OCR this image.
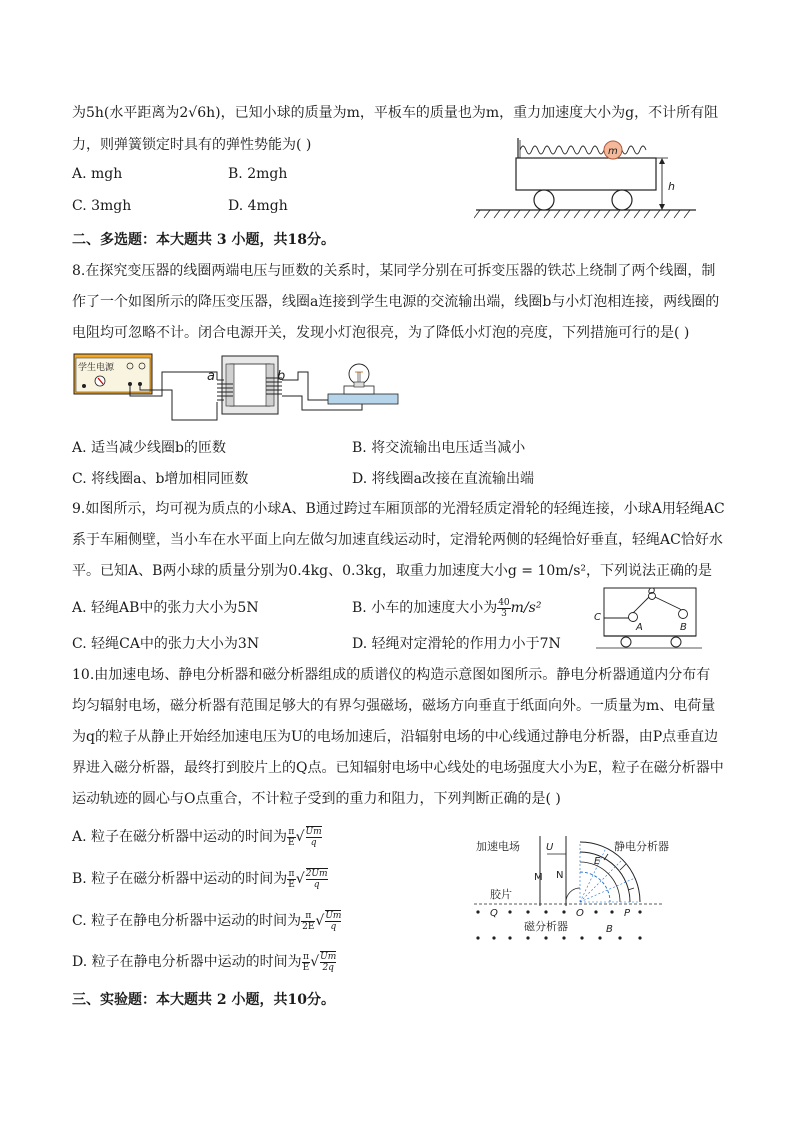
为5h(水平距离为2√6h)，已知小球的质量为m，平板车的质量也为m，重力加速度大小为g，不计所有阻
力，则弹簧锁定时具有的弹性势能为( )
A. mgh	B. 2mgh
C. 3mgh	D. 4mgh
m
h
二、多选题：本大题共 3 小题，共18分。
8.在探究变压器的线圈两端电压与匝数的关系时，某同学分别在可拆变压器的铁芯上绕制了两个线圈，制
作了一个如图所示的降压变压器，线圈a连接到学生电源的交流输出端，线圈b与小灯泡相连接，两线圈的
电阻均可忽略不计。闭合电源开关，发现小灯泡很亮，为了降低小灯泡的亮度，下列措施可行的是( )
学生电源
a	b
A. 适当减少线圈b的匝数	B. 将交流输出电压适当减小
C. 将线圈a、b增加相同匝数	D. 将线圈a改接在直流输出端
9.如图所示，均可视为质点的小球A、B通过跨过车厢顶部的光滑轻质定滑轮的轻绳连接，小球A用轻绳AC
系于车厢侧壁，当小车在水平面上向左做匀加速直线运动时，定滑轮两侧的轻绳恰好垂直，轻绳AC恰好水
平。已知A、B两小球的质量分别为0.4kg、0.3kg，取重力加速度大小g = 10m/s²，下列说法正确的是
A. 轻绳AB中的张力大小为5N	B. 小车的加速度大小为 $\frac{40}{3} m/s^2$
C. 轻绳CA中的张力大小为3N	D. 轻绳对定滑轮的作用力小于7N
C
O
A	B
10.由加速电场、静电分析器和磁分析器组成的质谱仪的构造示意图如图所示。静电分析器通道内分布有
均匀辐射电场，磁分析器有范围足够大的有界匀强磁场，磁场方向垂直于纸面向外。一质量为m、电荷量
为q的粒子从静止开始经加速电压为U的电场加速后，沿辐射电场的中心线通过静电分析器，由P点垂直边
界进入磁分析器，最终打到胶片上的Q点。已知辐射电场中心线处的电场强度大小为E，粒子在磁分析器中
运动轨迹的圆心与O点重合，不计粒子受到的重力和阻力，下列判断正确的是( )
A. 粒子在磁分析器中运动的时间为 $\frac{\pi}{E}$ √ $\frac{Um}{q}$
B. 粒子在磁分析器中运动的时间为 $\frac{\pi}{E}$ √ $\frac{2Um}{q}$
C. 粒子在静电分析器中运动的时间为 $\frac{\pi}{2E}$ √ $\frac{Um}{q}$
D. 粒子在静电分析器中运动的时间为 $\frac{\pi}{E}$ √ $\frac{Um}{2q}$
加速电场	静电分析器
U
M N
E
胶片
Q	O	P
磁分析器	B
三、实验题：本大题共 2 小题，共10分。
